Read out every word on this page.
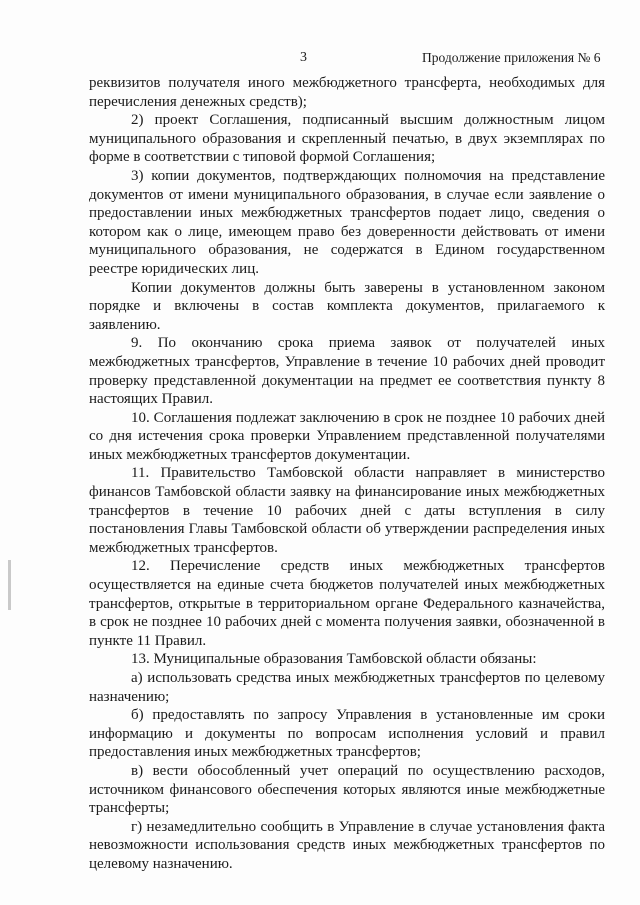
3	Продолжение приложения № 6

реквизитов получателя иного межбюджетного трансферта, необходимых для перечисления денежных средств);

2) проект Соглашения, подписанный высшим должностным лицом муниципального образования и скрепленный печатью, в двух экземплярах по форме в соответствии с типовой формой Соглашения;

3) копии документов, подтверждающих полномочия на представление документов от имени муниципального образования, в случае если заявление о предоставлении иных межбюджетных трансфертов подает лицо, сведения о котором как о лице, имеющем право без доверенности действовать от имени муниципального образования, не содержатся в Едином государственном реестре юридических лиц.

Копии документов должны быть заверены в установленном законом порядке и включены в состав комплекта документов, прилагаемого к заявлению.

9. По окончанию срока приема заявок от получателей иных межбюджетных трансфертов, Управление в течение 10 рабочих дней проводит проверку представленной документации на предмет ее соответствия пункту 8 настоящих Правил.

10. Соглашения подлежат заключению в срок не позднее 10 рабочих дней со дня истечения срока проверки Управлением представленной получателями иных межбюджетных трансфертов документации.

11. Правительство Тамбовской области направляет в министерство финансов Тамбовской области заявку на финансирование иных межбюджетных трансфертов в течение 10 рабочих дней с даты вступления в силу постановления Главы Тамбовской области об утверждении распределения иных межбюджетных трансфертов.

12. Перечисление средств иных межбюджетных трансфертов осуществляется на единые счета бюджетов получателей иных межбюджетных трансфертов, открытые в территориальном органе Федерального казначейства, в срок не позднее 10 рабочих дней с момента получения заявки, обозначенной в пункте 11 Правил.

13. Муниципальные образования Тамбовской области обязаны:

а) использовать средства иных межбюджетных трансфертов по целевому назначению;

б) предоставлять по запросу Управления в установленные им сроки информацию и документы по вопросам исполнения условий и правил предоставления иных межбюджетных трансфертов;

в) вести обособленный учет операций по осуществлению расходов, источником финансового обеспечения которых являются иные межбюджетные трансферты;

г) незамедлительно сообщить в Управление в случае установления факта невозможности использования средств иных межбюджетных трансфертов по целевому назначению.
